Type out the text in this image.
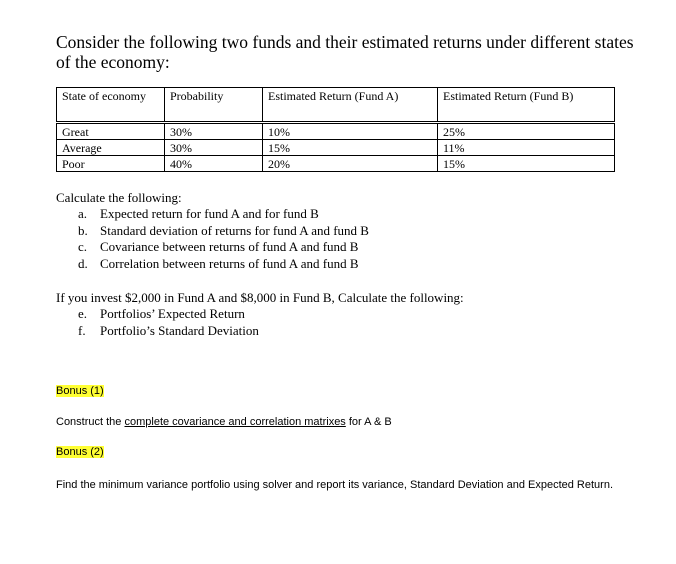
Consider the following two funds and their estimated returns under different states of the economy:
State of economy	Probability	Estimated Return (Fund A)	Estimated Return (Fund B)
Great	30%	10%	25%
Average	30%	15%	11%
Poor	40%	20%	15%
Calculate the following:
a. Expected return for fund A and for fund B
b. Standard deviation of returns for fund A and fund B
c. Covariance between returns of fund A and fund B
d. Correlation between returns of fund A and fund B
If you invest $2,000 in Fund A and $8,000 in Fund B, Calculate the following:
e. Portfolios’ Expected Return
f. Portfolio’s Standard Deviation
Bonus (1)
Construct the complete covariance and correlation matrixes for A & B
Bonus (2)
Find the minimum variance portfolio using solver and report its variance, Standard Deviation and Expected Return.
